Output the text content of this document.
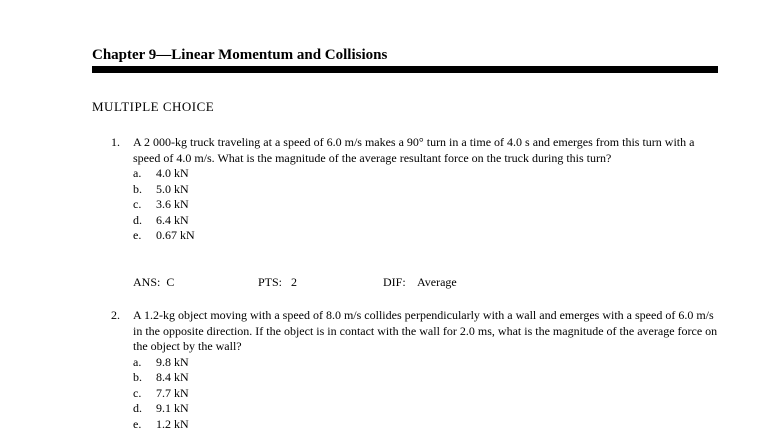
Chapter 9—Linear Momentum and Collisions
MULTIPLE CHOICE
1.	A 2 000-kg truck traveling at a speed of 6.0 m/s makes a 90° turn in a time of 4.0 s and emerges from this turn with a speed of 4.0 m/s. What is the magnitude of the average resultant force on the truck during this turn?
a.	4.0 kN
b.	5.0 kN
c.	3.6 kN
d.	6.4 kN
e.	0.67 kN
ANS:  C	PTS:   2	DIF:    Average
2.	A 1.2-kg object moving with a speed of 8.0 m/s collides perpendicularly with a wall and emerges with a speed of 6.0 m/s in the opposite direction. If the object is in contact with the wall for 2.0 ms, what is the magnitude of the average force on the object by the wall?
a.	9.8 kN
b.	8.4 kN
c.	7.7 kN
d.	9.1 kN
e.	1.2 kN
